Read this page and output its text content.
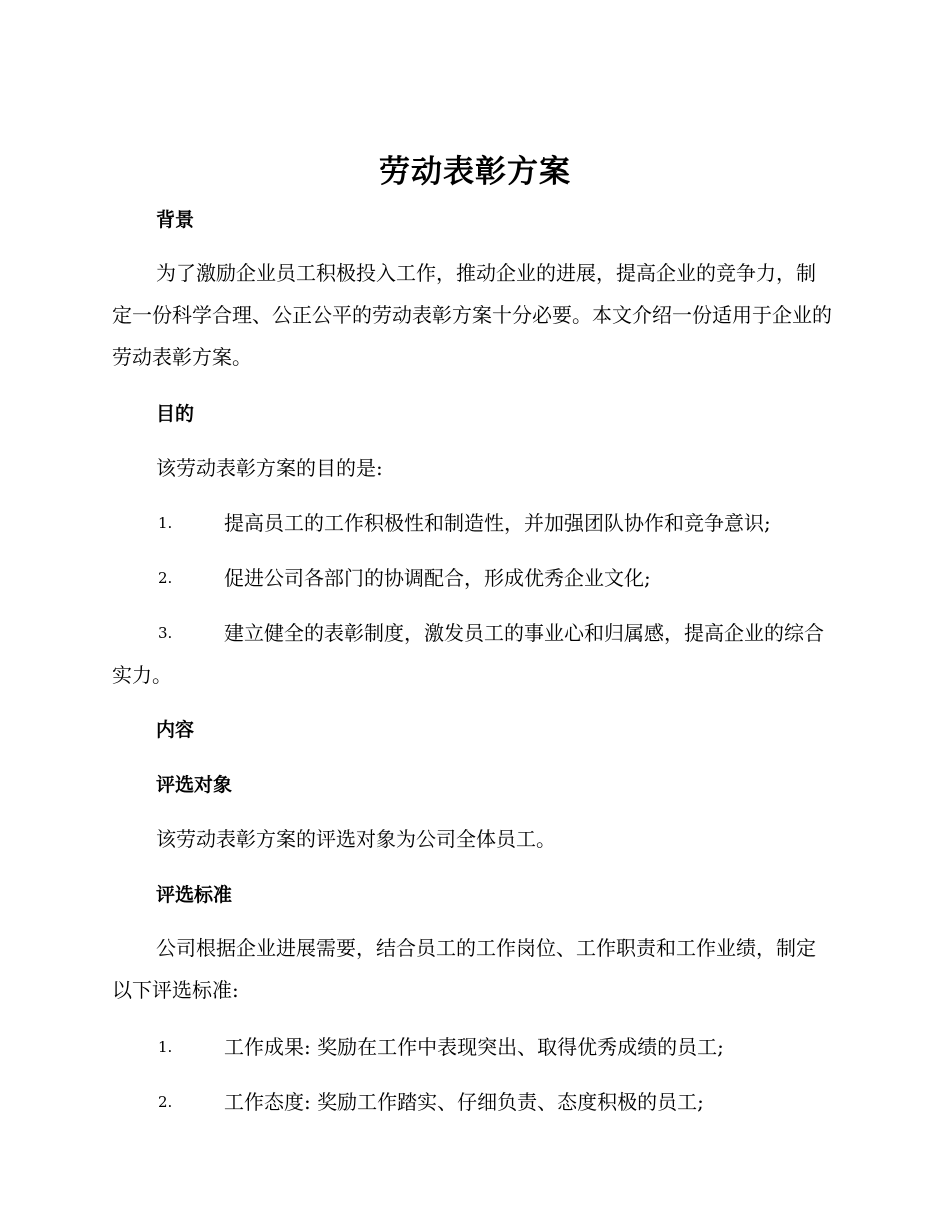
劳动表彰方案
背景

为了激励企业员工积极投入工作，推动企业的进展，提高企业的竞争力，制定一份科学合理、公正公平的劳动表彰方案十分必要。本文介绍一份适用于企业的劳动表彰方案。

目的

该劳动表彰方案的目的是:

1.	提高员工的工作积极性和制造性，并加强团队协作和竞争意识;
2.	促进公司各部门的协调配合，形成优秀企业文化;
3.	建立健全的表彰制度，激发员工的事业心和归属感，提高企业的综合实力。
内容
评选对象

该劳动表彰方案的评选对象为公司全体员工。

评选标准

公司根据企业进展需要，结合员工的工作岗位、工作职责和工作业绩，制定以下评选标准:

1.	工作成果: 奖励在工作中表现突出、取得优秀成绩的员工;
2.	工作态度: 奖励工作踏实、仔细负责、态度积极的员工;
